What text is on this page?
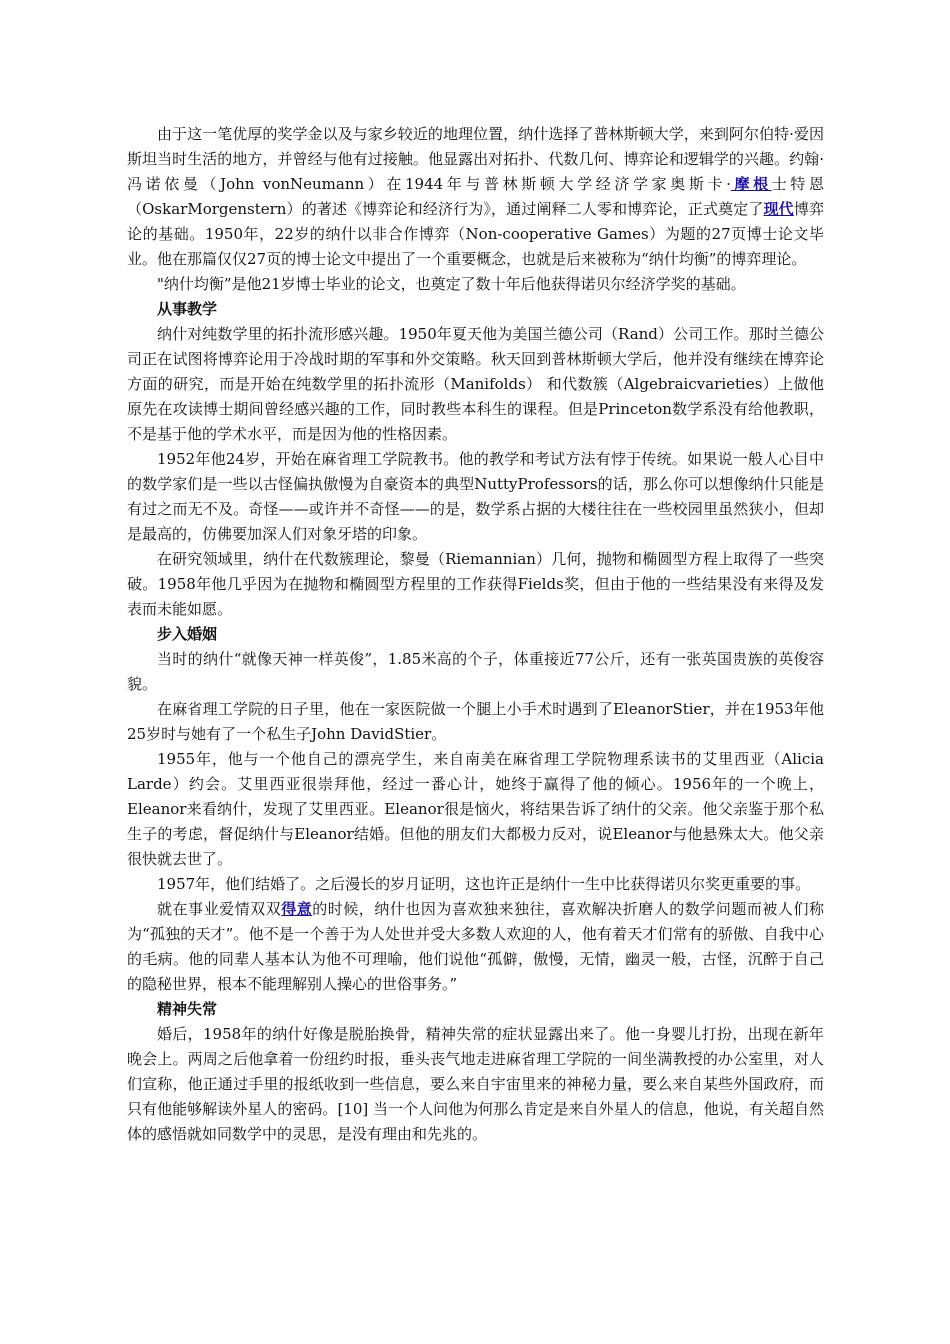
由于这一笔优厚的奖学金以及与家乡较近的地理位置，纳什选择了普林斯顿大学，来到阿尔伯特·爱因斯坦当时生活的地方，并曾经与他有过接触。他显露出对拓扑、代数几何、博弈论和逻辑学的兴趣。约翰·冯诺依曼（John vonNeumann）在1944年与普林斯顿大学经济学家奥斯卡·摩根士特恩（OskarMorgenstern）的著述《博弈论和经济行为》，通过阐释二人零和博弈论，正式奠定了现代博弈论的基础。1950年，22岁的纳什以非合作博弈（Non-cooperative Games）为题的27页博士论文毕业。他在那篇仅仅27页的博士论文中提出了一个重要概念，也就是后来被称为“纳什均衡”的博弈理论。

"纳什均衡”是他21岁博士毕业的论文，也奠定了数十年后他获得诺贝尔经济学奖的基础。

从事教学

纳什对纯数学里的拓扑流形感兴趣。1950年夏天他为美国兰德公司（Rand）公司工作。那时兰德公司正在试图将博弈论用于冷战时期的军事和外交策略。秋天回到普林斯顿大学后，他并没有继续在博弈论方面的研究，而是开始在纯数学里的拓扑流形（Manifolds） 和代数簇（Algebraicvarieties）上做他原先在攻读博士期间曾经感兴趣的工作，同时教些本科生的课程。但是Princeton数学系没有给他教职，不是基于他的学术水平，而是因为他的性格因素。

1952年他24岁，开始在麻省理工学院教书。他的教学和考试方法有悖于传统。如果说一般人心目中的数学家们是一些以古怪偏执傲慢为自豪资本的典型NuttyProfessors的话，那么你可以想像纳什只能是有过之而无不及。奇怪——或许并不奇怪——的是，数学系占据的大楼往往在一些校园里虽然狭小，但却是最高的，仿佛要加深人们对象牙塔的印象。

在研究领域里，纳什在代数簇理论，黎曼（Riemannian）几何，抛物和椭圆型方程上取得了一些突破。1958年他几乎因为在抛物和椭圆型方程里的工作获得Fields奖，但由于他的一些结果没有来得及发表而未能如愿。

步入婚姻

当时的纳什“就像天神一样英俊”，1.85米高的个子，体重接近77公斤，还有一张英国贵族的英俊容貌。

在麻省理工学院的日子里，他在一家医院做一个腿上小手术时遇到了EleanorStier，并在1953年他25岁时与她有了一个私生子John DavidStier。

1955年，他与一个他自己的漂亮学生，来自南美在麻省理工学院物理系读书的艾里西亚（Alicia Larde）约会。艾里西亚很崇拜他，经过一番心计，她终于赢得了他的倾心。1956年的一个晚上，Eleanor来看纳什，发现了艾里西亚。Eleanor很是恼火，将结果告诉了纳什的父亲。他父亲鉴于那个私生子的考虑，督促纳什与Eleanor结婚。但他的朋友们大都极力反对，说Eleanor与他悬殊太大。他父亲很快就去世了。

1957年，他们结婚了。之后漫长的岁月证明，这也许正是纳什一生中比获得诺贝尔奖更重要的事。

就在事业爱情双双得意的时候，纳什也因为喜欢独来独往，喜欢解决折磨人的数学问题而被人们称为“孤独的天才”。他不是一个善于为人处世并受大多数人欢迎的人，他有着天才们常有的骄傲、自我中心的毛病。他的同辈人基本认为他不可理喻，他们说他“孤僻，傲慢，无情，幽灵一般，古怪，沉醉于自己的隐秘世界，根本不能理解别人操心的世俗事务。”

精神失常

婚后，1958年的纳什好像是脱胎换骨，精神失常的症状显露出来了。他一身婴儿打扮，出现在新年晚会上。两周之后他拿着一份纽约时报，垂头丧气地走进麻省理工学院的一间坐满教授的办公室里，对人们宣称，他正通过手里的报纸收到一些信息，要么来自宇宙里来的神秘力量，要么来自某些外国政府，而只有他能够解读外星人的密码。[10] 当一个人问他为何那么肯定是来自外星人的信息，他说，有关超自然体的感悟就如同数学中的灵思，是没有理由和先兆的。
